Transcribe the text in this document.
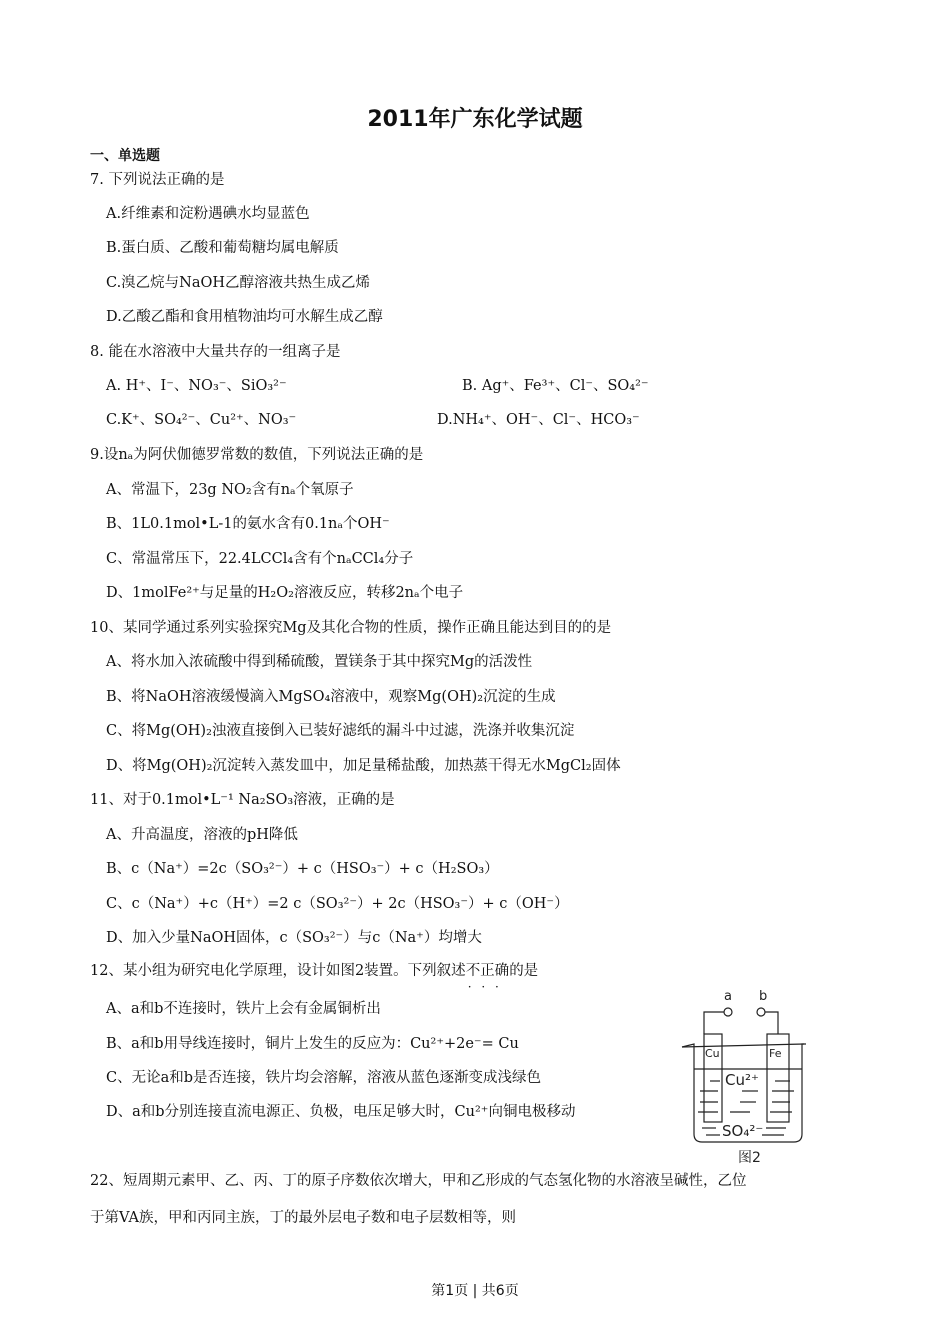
2011年广东化学试题
一、单选题
7. 下列说法正确的是
A.纤维素和淀粉遇碘水均显蓝色
B.蛋白质、乙酸和葡萄糖均属电解质
C.溴乙烷与NaOH乙醇溶液共热生成乙烯
D.乙酸乙酯和食用植物油均可水解生成乙醇
8. 能在水溶液中大量共存的一组离子是
A. H⁺、I⁻、NO₃⁻、SiO₃²⁻	B. Ag⁺、Fe³⁺、Cl⁻、SO₄²⁻
C.K⁺、SO₄²⁻、Cu²⁺、NO₃⁻	D.NH₄⁺、OH⁻、Cl⁻、HCO₃⁻
9.设nₐ为阿伏伽德罗常数的数值，下列说法正确的是
A、常温下，23g NO₂含有nₐ个氧原子
B、1L0.1mol•L-1的氨水含有0.1nₐ个OH⁻
C、常温常压下，22.4LCCl₄含有个nₐCCl₄分子
D、1molFe²⁺与足量的H₂O₂溶液反应，转移2nₐ个电子
10、某同学通过系列实验探究Mg及其化合物的性质，操作正确且能达到目的的是
A、将水加入浓硫酸中得到稀硫酸，置镁条于其中探究Mg的活泼性
B、将NaOH溶液缓慢滴入MgSO₄溶液中，观察Mg(OH)₂沉淀的生成
C、将Mg(OH)₂浊液直接倒入已装好滤纸的漏斗中过滤，洗涤并收集沉淀
D、将Mg(OH)₂沉淀转入蒸发皿中，加足量稀盐酸，加热蒸干得无水MgCl₂固体
11、对于0.1mol•L⁻¹ Na₂SO₃溶液，正确的是
A、升高温度，溶液的pH降低
B、c（Na⁺）=2c（SO₃²⁻）+ c（HSO₃⁻）+ c（H₂SO₃）
C、c（Na⁺）+c（H⁺）=2 c（SO₃²⁻）+ 2c（HSO₃⁻）+ c（OH⁻）
D、加入少量NaOH固体，c（SO₃²⁻）与c（Na⁺）均增大
12、某小组为研究电化学原理，设计如图2装置。下列叙述不正确 · · ·的是
A、a和b不连接时，铁片上会有金属铜析出
B、a和b用导线连接时，铜片上发生的反应为：Cu²⁺+2e⁻= Cu
C、无论a和b是否连接，铁片均会溶解，溶液从蓝色逐渐变成浅绿色
D、a和b分别连接直流电源正、负极，电压足够大时，Cu²⁺向铜电极移动
a b
Cu	Fe
Cu²⁺
SO₄²⁻
图2
22、短周期元素甲、乙、丙、丁的原子序数依次增大，甲和乙形成的气态氢化物的水溶液呈碱性，乙位
于第VA族，甲和丙同主族，丁的最外层电子数和电子层数相等，则
第1页 | 共6页
